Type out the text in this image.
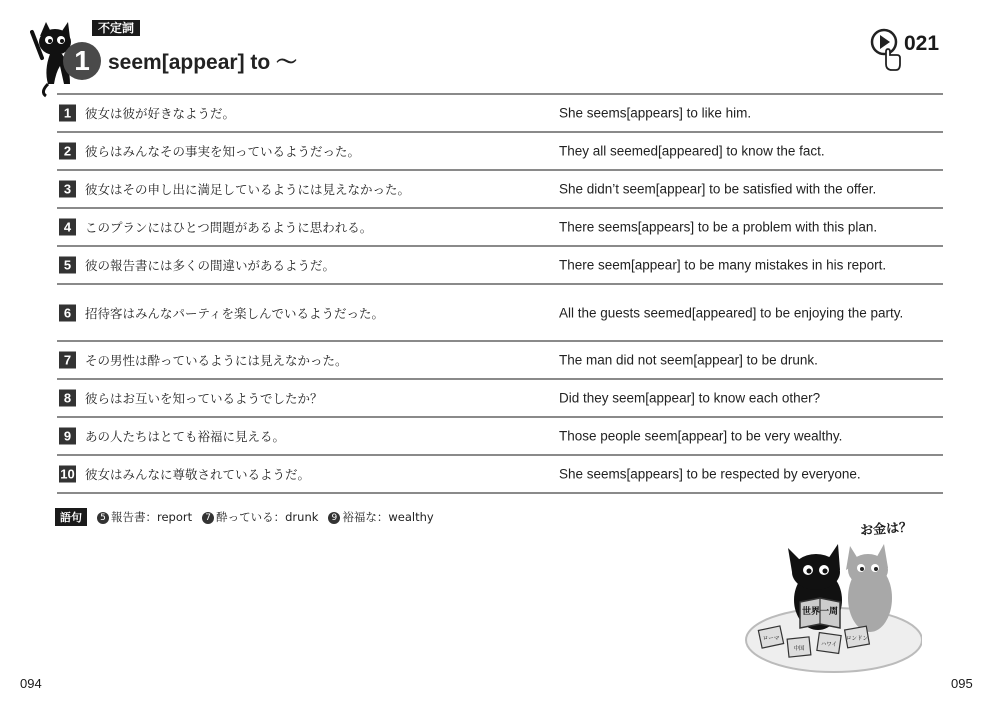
不定詞
1 seem[appear] to ～
021
1	彼女は彼が好きなようだ。	She seems[appears] to like him.
2	彼らはみんなその事実を知っているようだった。	They all seemed[appeared] to know the fact.
3	彼女はその申し出に満足しているようには見えなかった。	She didn’t seem[appear] to be satisfied with the offer.
4	このプランにはひとつ問題があるように思われる。	There seems[appears] to be a problem with this plan.
5	彼の報告書には多くの間違いがあるようだ。	There seem[appear] to be many mistakes in his report.
6	招待客はみんなパーティを楽しんでいるようだった。	All the guests seemed[appeared] to be enjoying the party.
7	その男性は酔っているようには見えなかった。	The man did not seem[appear] to be drunk.
8	彼らはお互いを知っているようでしたか？	Did they seem[appear] to know each other?
9	あの人たちはとても裕福に見える。	Those people seem[appear] to be very wealthy.
10 彼女はみんなに尊敬されているようだ。	She seems[appears] to be respected by everyone.
語句	5 報告書：report	7 酔っている：drunk	9 裕福な：wealthy
お金は？
世界一周
ローマ
中国
ハワイ
ロンドン
094	095
